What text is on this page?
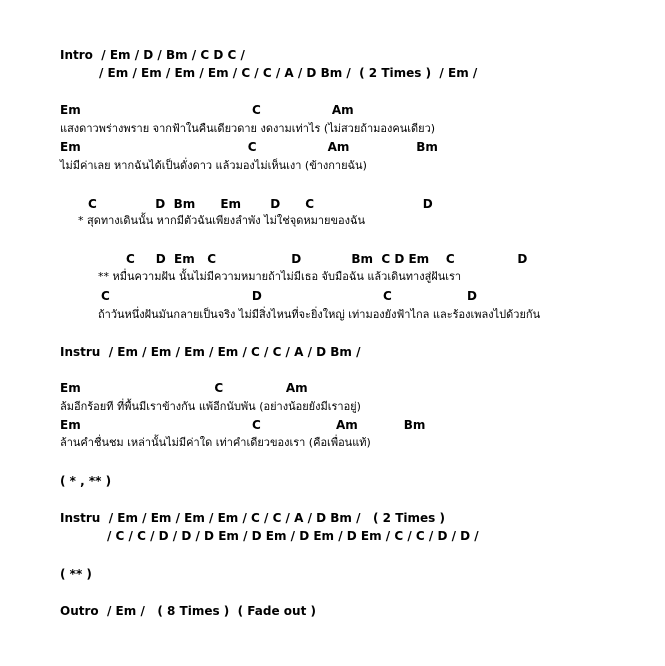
Intro  / Em / D / Bm / C D C /
/ Em / Em / Em / Em / C / C / A / D Bm /  ( 2 Times )  / Em /
Em                                         C                 Am
แสงดาวพร่างพราย จากฟ้าในคืนเดียวดาย งดงามเท่าไร (ไม่สวยถ้ามองคนเดียว)
Em                                        C                 Am                Bm
ไม่มีค่าเลย หากฉันได้เป็นดั่งดาว แล้วมองไม่เห็นเงา (ข้างกายฉัน)
C              D  Bm      Em       D      C                          D
* สุดทางเดินนั้น หากมีตัวฉันเพียงลำพัง ไม่ใช่จุดหมายของฉัน
C     D  Em   C                  D            Bm  C D Em    C               D
** หมื่นความฝัน นั้นไม่มีความหมายถ้าไม่มีเธอ จับมือฉัน แล้วเดินทางสู่ฝันเรา
C                                  D                             C                  D
ถ้าวันหนึ่งฝันมันกลายเป็นจริง ไม่มีสิ่งไหนที่จะยิ่งใหญ่ เท่ามองยังฟ้าไกล และร้องเพลงไปด้วยกัน
Instru  / Em / Em / Em / Em / C / C / A / D Bm /
Em                                C               Am
ล้มอีกร้อยที ที่พื้นมีเราข้างกัน แพ้อีกนับพัน (อย่างน้อยยังมีเราอยู่)
Em                                         C                  Am           Bm
ล้านคำชื่นชม เหล่านั้นไม่มีค่าใด เท่าคำเดียวของเรา (คือเพื่อนแท้)
( * , ** )
Instru  / Em / Em / Em / Em / C / C / A / D Bm /   ( 2 Times )
/ C / C / D / D / D Em / D Em / D Em / D Em / C / C / D / D /
( ** )
Outro  / Em /   ( 8 Times )  ( Fade out )
